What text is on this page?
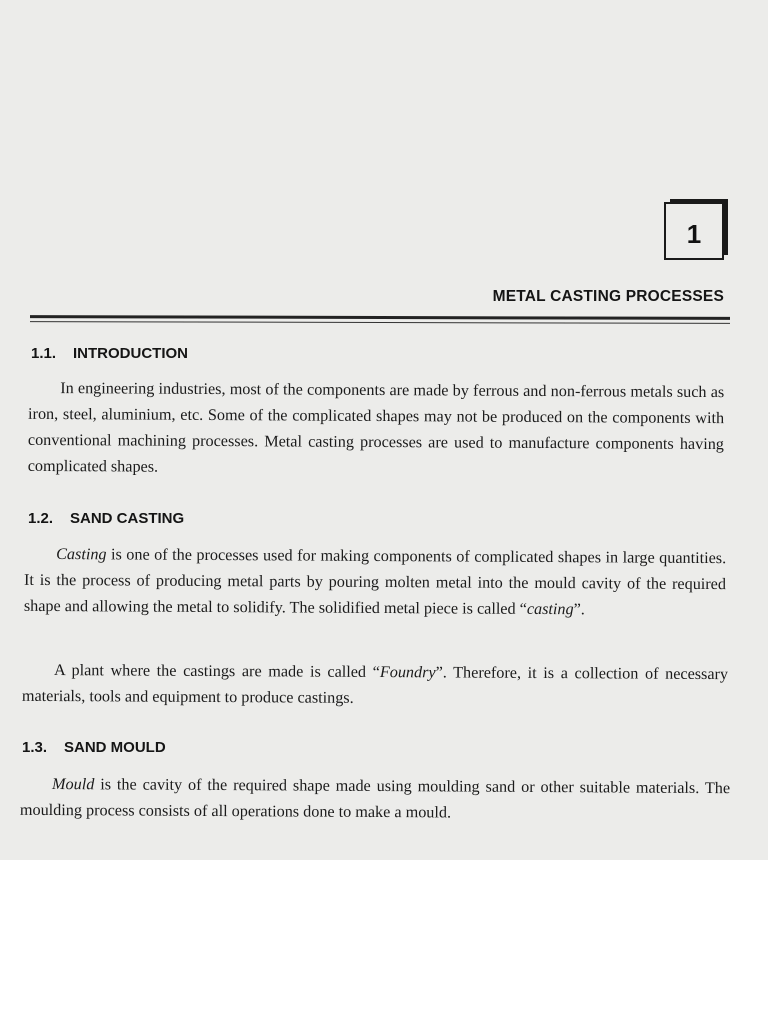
1
METAL CASTING PROCESSES
1.1. INTRODUCTION
In engineering industries, most of the components are made by ferrous and non-ferrous metals such as iron, steel, aluminium, etc. Some of the complicated shapes may not be produced on the components with conventional machining processes. Metal casting processes are used to manufacture components having complicated shapes.
1.2. SAND CASTING
Casting is one of the processes used for making components of complicated shapes in large quantities. It is the process of producing metal parts by pouring molten metal into the mould cavity of the required shape and allowing the metal to solidify. The solidified metal piece is called “casting”.
A plant where the castings are made is called “Foundry”. Therefore, it is a collection of necessary materials, tools and equipment to produce castings.
1.3. SAND MOULD
Mould is the cavity of the required shape made using moulding sand or other suitable materials. The moulding process consists of all operations done to make a mould.
